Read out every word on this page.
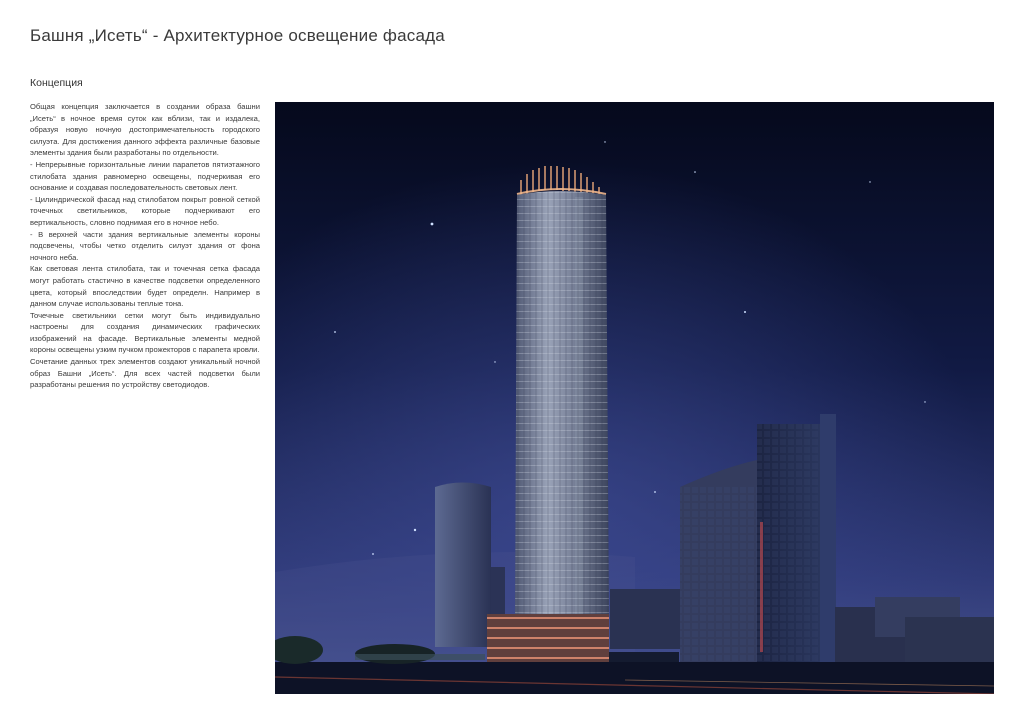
Башня „Исеть“ - Архитектурное освещение фасада
Концепция

Общая концепция заключается в создании образа башни „Исеть“ в ночное время суток как вблизи, так и издалека, образуя новую ночную достопримечательность городского силуэта. Для достижения данного эффекта различные базовые элементы здания были разработаны по отдельности.

- Непрерывные горизонтальные линии парапетов пятиэтажного стилобата здания равномерно освещены, подчеркивая его основание и создавая последовательность световых лент.

- Цилиндрической фасад над стилобатом покрыт ровной сеткой точечных светильников, которые подчеркивают его вертикальность, словно поднимая его в ночное небо.

- В верхней части здания вертикальные элементы короны подсвечены, чтобы четко отделить силуэт здания от фона ночного неба.

Как световая лента стилобата, так и точечная сетка фасада могут работать стастично в качестве подсветки определенного цвета, который впоследствии будет определн. Например в данном случае использованы теплые тона.

Точечные светильники сетки могут быть индивидуально настроены для создания динамических графических изображений на фасаде. Вертикальные элементы медной короны освещены узким пучком прожекторов с парапета кровли.

Сочетание данных трех элементов создают уникальный ночной образ Башни „Исеть“. Для всех частей подсветки были разработаны решения по устройству светодиодов.
